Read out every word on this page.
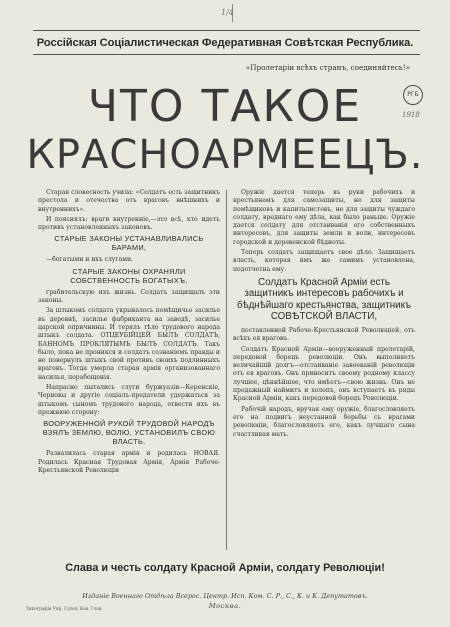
1/4
Россійская Соціалистическая Федеративная Совѣтская Республика.
«Пролетаріи всѣхъ странъ, соединяйтесь!»
ЧТО ТАКОЕ
КРАСНОАРМЕЕЦЪ.
РГБ
1918

Старая словесность учила: «Солдатъ есть защитникъ престола и отечества отъ враговъ внѣшнихъ и внутреннихъ».

И пояснялъ: враги внутренніе,—это всѣ, кто идетъ противъ установленныхъ законовъ.

СТАРЫЕ ЗАКОНЫ УСТАНАВЛИВАЛИСЬ БАРАМИ,

—богатыми и ихъ слугами.

СТАРЫЕ ЗАКОНЫ ОХРАНЯЛИ СОБСТВЕННОСТЬ БОГАТЫХЪ,

грабительскую ихъ жизнь. Солдатъ защищалъ эти законы.

За штыкомъ солдата укрывалось помѣщичье засилье въ деревнѣ, засилье фабриканта на заводѣ, засилье царской опричнины. И терялъ тѣло трудового народа штыкъ солдата. ОТЦЕУБІЙЦЕЙ БЫЛЪ СОЛДАТЪ, БАННОМЪ ПРОКЛЯТЫМЪ БЫЛЪ СОЛДАТЪ. Такъ было, пока не проникся и солдатъ сознаніемъ правды и не повернулъ штыкъ свой противъ своихъ подлинныхъ враговъ. Тогда умерла старая армія организованнаго насилья, порабощенія.

Напрасно пытались слуги буржуазіи—Керенскіе, Черновы и другіе соціалъ-предатели удержаться за штыкомъ сыномъ трудового народа, отвести ихъ въ прежнюю сторону:

ВООРУЖЕННОЙ РУКОЙ ТРУДОВОЙ НАРОДЪ ВЗЯЛЪ ЗЕМЛЮ, ВОЛЮ, УСТАНОВИЛЪ СВОЮ ВЛАСТЬ.

Развалилась старая армія и родилась НОВАЯ. Родилась Красная Трудовая Армія, Армія Рабоче-Крестьянской Революціи

Оружіе дается теперь въ руки рабочихъ и крестьянамъ для самозащиты, не для защиты помѣщиковъ и капиталистовъ, не для защиты чуждаго солдату, вреднаго ему дѣла, как было раньше. Оружіе дается солдату для отстаиванія его собственныхъ интересовъ, для защиты земли и воли, интересовъ городской и деревенской бѣдноты.

Теперь солдатъ защищаетъ свое дѣло. Защищаетъ власть, которая имъ же самимъ установлена, подотчетна ему.

Солдатъ Красной Арміи есть защитникъ интересовъ рабочихъ и бѣднѣйшаго крестьянства, защитникъ СОВѢТСКОЙ ВЛАСТИ,

поставленной Рабоче-Крестьянской Революціей, отъ всѣхъ ея враговъ.

Солдатъ Красной Арміи—вооруженный пролетарій, передовой борецъ революціи. Онъ выполняетъ величайшій долгъ—отстаиваніе завоеваній революціи отъ ея враговъ. Онъ приноситъ своему родному классу лучшее, цѣннѣйшее, что имѣетъ—свою жизнь. Онъ не продажный наймитъ и холопъ, онъ вступаетъ въ ряды Красной Арміи, какъ передовой борецъ Революціи.

Рабочій народъ, вручая ему оружіе, благословляетъ его на подвигъ неустанной борьбы съ врагами революціи, благословляетъ его, какъ лучшаго сына счастливая мать.

Слава и честь солдату Красной Арміи, солдату Революціи!
Изданіе Военнаго Отдѣла Всерос. Центр. Исп. Ком. С. Р., С., К. и К. Депутатовъ.
Москва.
Типографія Упр. Сухоп. Кав. Глав.
